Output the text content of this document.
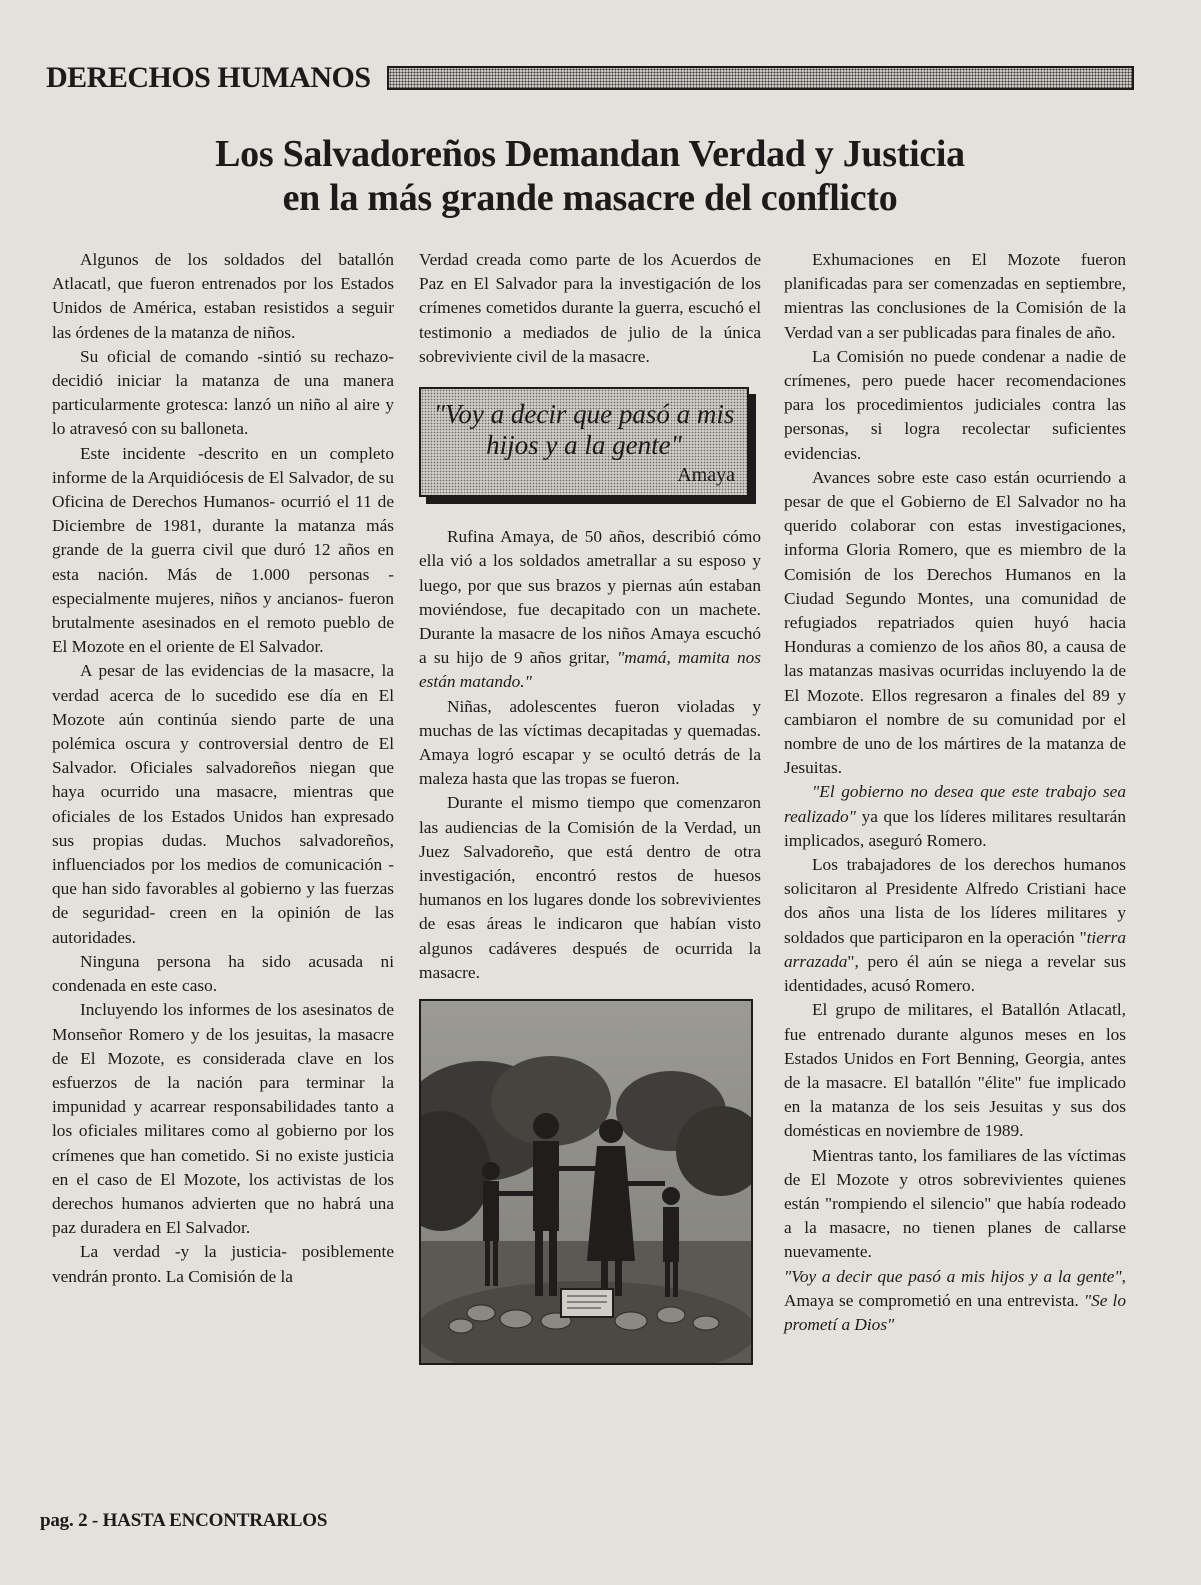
DERECHOS HUMANOS
Los Salvadoreños Demandan Verdad y Justicia
en la más grande masacre del conflicto

Algunos de los soldados del batallón Atlacatl, que fueron entrenados por los Estados Unidos de América, estaban resistidos a seguir las órdenes de la matanza de niños.

Su oficial de comando -sintió su rechazo- decidió iniciar la matanza de una manera particularmente grotesca: lanzó un niño al aire y lo atravesó con su balloneta.

Este incidente -descrito en un completo informe de la Arquidiócesis de El Salvador, de su Oficina de Derechos Humanos- ocurrió el 11 de Diciembre de 1981, durante la matanza más grande de la guerra civil que duró 12 años en esta nación. Más de 1.000 personas -especialmente mujeres, niños y ancianos- fueron brutalmente asesinados en el remoto pueblo de El Mozote en el oriente de El Salvador.

A pesar de las evidencias de la masacre, la verdad acerca de lo sucedido ese día en El Mozote aún continúa siendo parte de una polémica oscura y controversial dentro de El Salvador. Oficiales salvadoreños niegan que haya ocurrido una masacre, mientras que oficiales de los Estados Unidos han expresado sus propias dudas. Muchos salvadoreños, influenciados por los medios de comunicación -que han sido favorables al gobierno y las fuerzas de seguridad- creen en la opinión de las autoridades.

Ninguna persona ha sido acusada ni condenada en este caso.

Incluyendo los informes de los asesinatos de Monseñor Romero y de los jesuitas, la masacre de El Mozote, es considerada clave en los esfuerzos de la nación para terminar la impunidad y acarrear responsabilidades tanto a los oficiales militares como al gobierno por los crímenes que han cometido. Si no existe justicia en el caso de El Mozote, los activistas de los derechos humanos advierten que no habrá una paz duradera en El Salvador.

La verdad -y la justicia- posiblemente vendrán pronto. La Comisión de la

Verdad creada como parte de los Acuerdos de Paz en El Salvador para la investigación de los crímenes cometidos durante la guerra, escuchó el testimonio a mediados de julio de la única sobreviviente civil de la masacre.

"Voy a decir que pasó a mis hijos y a la gente"
Amaya

Rufina Amaya, de 50 años, describió cómo ella vió a los soldados ametrallar a su esposo y luego, por que sus brazos y piernas aún estaban moviéndose, fue decapitado con un machete. Durante la masacre de los niños Amaya escuchó a su hijo de 9 años gritar, "mamá, mamita nos están matando."

Niñas, adolescentes fueron violadas y muchas de las víctimas decapitadas y quemadas. Amaya logró escapar y se ocultó detrás de la maleza hasta que las tropas se fueron.

Durante el mismo tiempo que comenzaron las audiencias de la Comisión de la Verdad, un Juez Salvadoreño, que está dentro de otra investigación, encontró restos de huesos humanos en los lugares donde los sobrevivientes de esas áreas le indicaron que habían visto algunos cadáveres después de ocurrida la masacre.

Exhumaciones en El Mozote fueron planificadas para ser comenzadas en septiembre, mientras las conclusiones de la Comisión de la Verdad van a ser publicadas para finales de año.

La Comisión no puede condenar a nadie de crímenes, pero puede hacer recomendaciones para los procedimientos judiciales contra las personas, si logra recolectar suficientes evidencias.

Avances sobre este caso están ocurriendo a pesar de que el Gobierno de El Salvador no ha querido colaborar con estas investigaciones, informa Gloria Romero, que es miembro de la Comisión de los Derechos Humanos en la Ciudad Segundo Montes, una comunidad de refugiados repatriados quien huyó hacia Honduras a comienzo de los años 80, a causa de las matanzas masivas ocurridas incluyendo la de El Mozote. Ellos regresaron a finales del 89 y cambiaron el nombre de su comunidad por el nombre de uno de los mártires de la matanza de Jesuitas.

"El gobierno no desea que este trabajo sea realizado" ya que los líderes militares resultarán implicados, aseguró Romero.

Los trabajadores de los derechos humanos solicitaron al Presidente Alfredo Cristiani hace dos años una lista de los líderes militares y soldados que participaron en la operación "tierra arrazada", pero él aún se niega a revelar sus identidades, acusó Romero.

El grupo de militares, el Batallón Atlacatl, fue entrenado durante algunos meses en los Estados Unidos en Fort Benning, Georgia, antes de la masacre. El batallón "élite" fue implicado en la matanza de los seis Jesuitas y sus dos domésticas en noviembre de 1989.

Mientras tanto, los familiares de las víctimas de El Mozote y otros sobrevivientes quienes están "rompiendo el silencio" que había rodeado a la masacre, no tienen planes de callarse nuevamente.

"Voy a decir que pasó a mis hijos y a la gente", Amaya se comprometió en una entrevista. "Se lo prometí a Dios"

pag. 2 - HASTA ENCONTRARLOS
